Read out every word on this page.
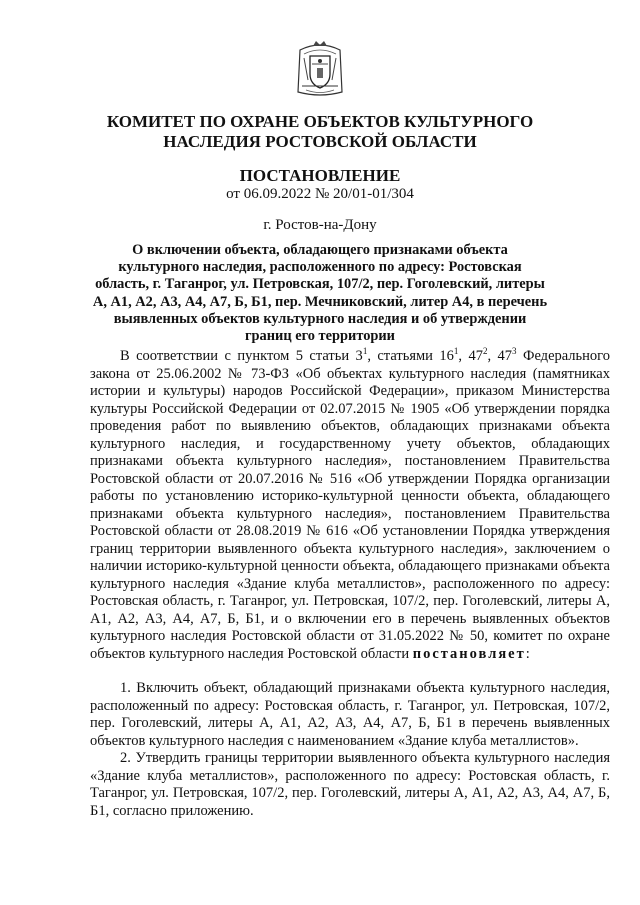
КОМИТЕТ ПО ОХРАНЕ ОБЪЕКТОВ КУЛЬТУРНОГО
НАСЛЕДИЯ РОСТОВСКОЙ ОБЛАСТИ
ПОСТАНОВЛЕНИЕ
от 06.09.2022 № 20/01-01/304
г. Ростов-на-Дону
О включении объекта, обладающего признаками объекта культурного наследия, расположенного по адресу: Ростовская область, г. Таганрог, ул. Петровская, 107/2, пер. Гоголевский, литеры А, А1, А2, А3, А4, А7, Б, Б1, пер. Мечниковский, литер А4, в перечень выявленных объектов культурного наследия и об утверждении границ его территории

В соответствии с пунктом 5 статьи $3^1$, статьями $16^1$, $47^2$, $47^3$ Федерального закона от 25.06.2002 № 73-ФЗ «Об объектах культурного наследия (памятниках истории и культуры) народов Российской Федерации», приказом Министерства культуры Российской Федерации от 02.07.2015 № 1905 «Об утверждении порядка проведения работ по выявлению объектов, обладающих признаками объекта культурного наследия, и государственному учету объектов, обладающих признаками объекта культурного наследия», постановлением Правительства Ростовской области от 20.07.2016 № 516 «Об утверждении Порядка организации работы по установлению историко-культурной ценности объекта, обладающего признаками объекта культурного наследия», постановлением Правительства Ростовской области от 28.08.2019 № 616 «Об установлении Порядка утверждения границ территории выявленного объекта культурного наследия», заключением о наличии историко-культурной ценности объекта, обладающего признаками объекта культурного наследия «Здание клуба металлистов», расположенного по адресу: Ростовская область, г. Таганрог, ул. Петровская, 107/2, пер. Гоголевский, литеры А, А1, А2, А3, А4, А7, Б, Б1, и о включении его в перечень выявленных объектов культурного наследия Ростовской области от 31.05.2022 № 50, комитет по охране объектов культурного наследия Ростовской области постановляет:

1. Включить объект, обладающий признаками объекта культурного наследия, расположенный по адресу: Ростовская область, г. Таганрог, ул. Петровская, 107/2, пер. Гоголевский, литеры А, А1, А2, А3, А4, А7, Б, Б1 в перечень выявленных объектов культурного наследия с наименованием «Здание клуба металлистов».

2. Утвердить границы территории выявленного объекта культурного наследия «Здание клуба металлистов», расположенного по адресу: Ростовская область, г. Таганрог, ул. Петровская, 107/2, пер. Гоголевский, литеры А, А1, А2, А3, А4, А7, Б, Б1, согласно приложению.
